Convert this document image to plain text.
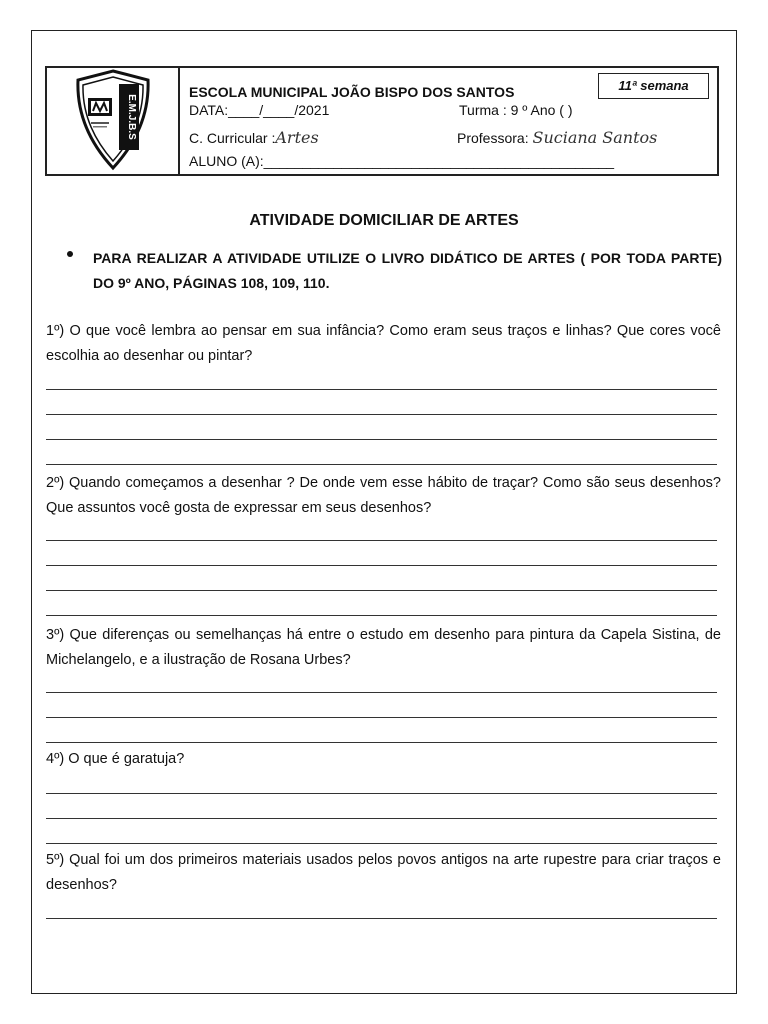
E.M.J.B.S
ESCOLA MUNICIPAL JOÃO BISPO DOS SANTOS	11ª semana
DATA:____/____/2021	Turma : 9 º Ano ( )
C. Curricular :Artes	Professora: Suciana Santos
ALUNO (A):_____________________________________________
ATIVIDADE DOMICILIAR DE ARTES
PARA REALIZAR A ATIVIDADE UTILIZE O LIVRO DIDÁTICO DE ARTES ( POR TODA PARTE) DO 9º ANO, PÁGINAS 108, 109, 110.
1º) O que você lembra ao pensar em sua infância? Como eram seus traços e linhas? Que cores você escolhia ao desenhar ou pintar?
2º) Quando começamos a desenhar ? De onde vem esse hábito de traçar? Como são seus desenhos? Que assuntos você gosta de expressar em seus desenhos?
3º) Que diferenças ou semelhanças há entre o estudo em desenho para pintura da Capela Sistina, de Michelangelo, e a ilustração de Rosana Urbes?
4º) O que é garatuja?
5º) Qual foi um dos primeiros materiais usados pelos povos antigos na arte rupestre para criar traços e desenhos?
